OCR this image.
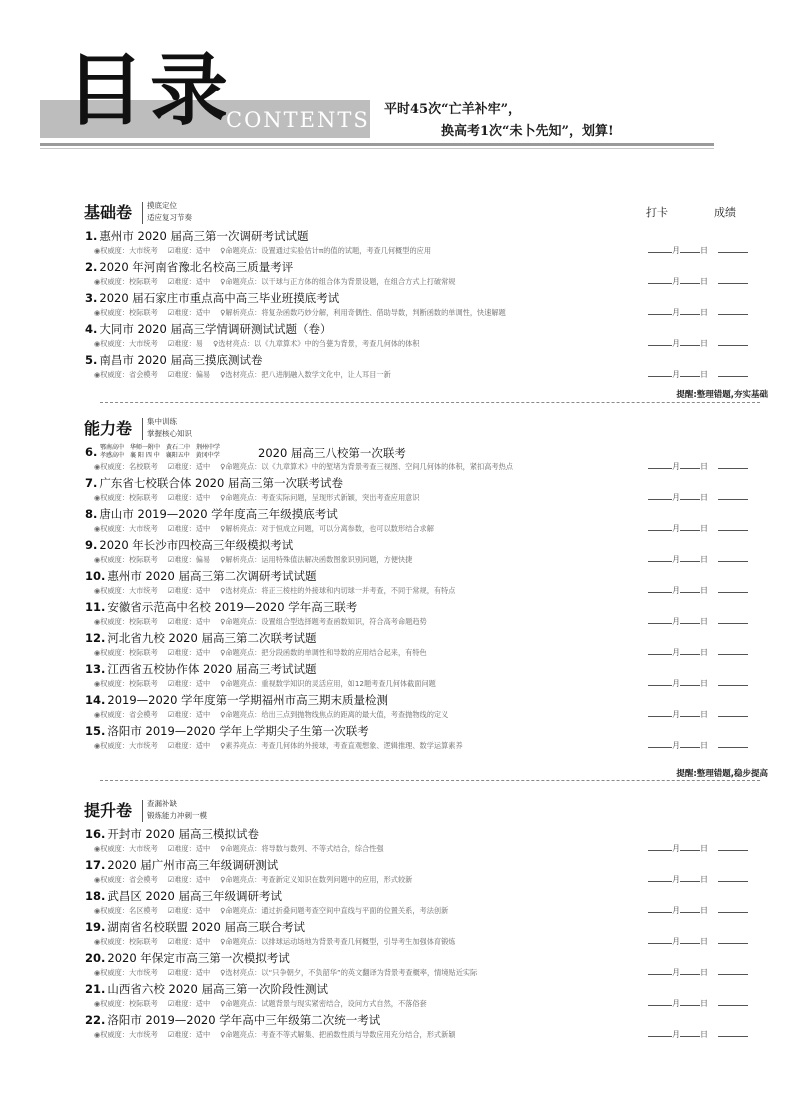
目录
CONTENTS 平时45次“亡羊补牢”，
换高考1次“未卜先知”，划算!
基础卷 摸底定位
适应复习节奏	打卡	成绩
1. 惠州市 2020 届高三第一次调研考试试题
◉权威度：大市统考 ☑难度：适中 ♀命题亮点：设置通过实验估计π的值的试题，考查几何概型的应用	月	日
2. 2020 年河南省豫北名校高三质量考评
◉权威度：校际联考 ☑难度：适中 ♀命题亮点：以干球与正方体的组合体为背景设题，在组合方式上打破常规	月	日
3. 2020 届石家庄市重点高中高三毕业班摸底考试
◉权威度：校际联考 ☑难度：适中 ♀解析亮点：将复杂函数巧妙分解，利用奇偶性、借助导数，判断函数的单调性，快速解题	月	日
4. 大同市 2020 届高三学情调研测试试题（卷）
◉权威度：大市统考 ☑难度：易 ♀选材亮点：以《九章算术》中的刍甍为背景，考查几何体的体积	月	日
5. 南昌市 2020 届高三摸底测试卷
◉权威度：省会模考 ☑难度：偏易 ♀选材亮点：把八进制融入数学文化中，让人耳目一新	月	日
提醒:整理错题,夯实基础
能力卷 集中训练
掌握核心知识
6. 鄂南高中　华师一附中　黄石二中　荆州中学
孝感高中　襄 阳 四 中　襄阳五中　黄冈中学	2020 届高三八校第一次联考
◉权威度：名校联考 ☑难度：适中 ♀命题亮点：以《九章算术》中的堑堵为背景考查三视图、空间几何体的体积，紧扣高考热点	月	日
7. 广东省七校联合体 2020 届高三第一次联考试卷
◉权威度：校际联考 ☑难度：适中 ♀命题亮点：考查实际问题，呈现形式新颖，突出考查应用意识	月	日
8. 唐山市 2019—2020 学年度高三年级摸底考试
◉权威度：大市统考 ☑难度：适中 ♀解析亮点：对于恒成立问题，可以分离参数，也可以数形结合求解	月	日
9. 2020 年长沙市四校高三年级模拟考试
◉权威度：校际联考 ☑难度：偏易 ♀解析亮点：运用特殊值法解决函数图象识别问题，方便快捷	月	日
10. 惠州市 2020 届高三第二次调研考试试题
◉权威度：大市统考 ☑难度：适中 ♀选材亮点：将正三棱柱的外接球和内切球一并考查，不同于常规，有特点	月	日
11. 安徽省示范高中名校 2019—2020 学年高三联考
◉权威度：校际联考 ☑难度：适中 ♀命题亮点：设置组合型选择题考查函数知识，符合高考命题趋势	月	日
12. 河北省九校 2020 届高三第二次联考试题
◉权威度：校际联考 ☑难度：适中 ♀命题亮点：把分段函数的单调性和导数的应用结合起来，有特色	月	日
13. 江西省五校协作体 2020 届高三考试试题
◉权威度：校际联考 ☑难度：适中 ♀命题亮点：重视数学知识的灵活应用，如12题考查几何体截面问题	月	日
14. 2019—2020 学年度第一学期福州市高三期末质量检测
◉权威度：省会模考 ☑难度：适中 ♀命题亮点：给出三点到抛物线焦点的距离的最大值，考查抛物线的定义	月	日
15. 洛阳市 2019—2020 学年上学期尖子生第一次联考
◉权威度：大市统考 ☑难度：适中 ♀素养亮点：考查几何体的外接球，考查直观想象、逻辑推理、数学运算素养	月	日
提醒:整理错题,稳步提高
提升卷 查漏补缺
锻炼能力冲刺一模
16. 开封市 2020 届高三模拟试卷
◉权威度：大市统考 ☑难度：适中 ♀命题亮点：将导数与数列、不等式结合，综合性强	月	日
17. 2020 届广州市高三年级调研测试
◉权威度：省会模考 ☑难度：适中 ♀命题亮点：考查新定义知识在数列问题中的应用，形式较新	月	日
18. 武昌区 2020 届高三年级调研考试
◉权威度：名区模考 ☑难度：适中 ♀命题亮点：通过折叠问题考查空间中直线与平面的位置关系，考法创新	月	日
19. 湖南省名校联盟 2020 届高三联合考试
◉权威度：校际联考 ☑难度：适中 ♀命题亮点：以排球运动场地为背景考查几何概型，引导考生加强体育锻炼	月	日
20. 2020 年保定市高三第一次模拟考试
◉权威度：大市统考 ☑难度：适中 ♀选材亮点：以“只争朝夕，不负韶华”的英文翻译为背景考查概率，情境贴近实际	月	日
21. 山西省六校 2020 届高三第一次阶段性测试
◉权威度：校际联考 ☑难度：适中 ♀命题亮点：试题背景与现实紧密结合，设问方式自然，不落俗套	月	日
22. 洛阳市 2019—2020 学年高中三年级第二次统一考试
◉权威度：大市统考 ☑难度：适中 ♀命题亮点：考查不等式解集、把函数性质与导数应用充分结合，形式新颖	月	日
